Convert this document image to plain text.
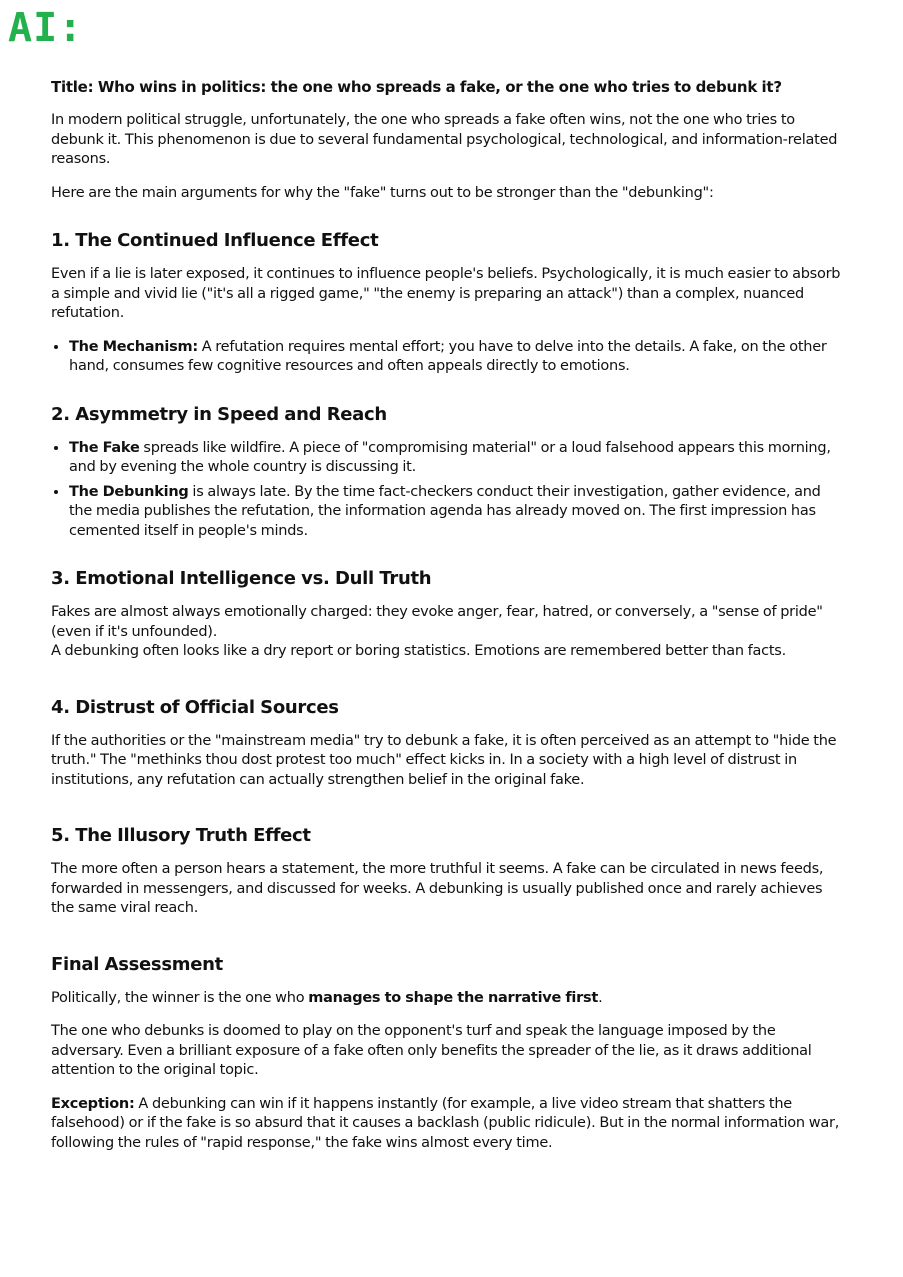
AI:

Title: Who wins in politics: the one who spreads a fake, or the one who tries to debunk it?

In modern political struggle, unfortunately, the one who spreads a fake often wins, not the one who tries to debunk it. This phenomenon is due to several fundamental psychological, technological, and information-related reasons.

Here are the main arguments for why the "fake" turns out to be stronger than the "debunking":

1. The Continued Influence Effect

Even if a lie is later exposed, it continues to influence people's beliefs. Psychologically, it is much easier to absorb a simple and vivid lie ("it's all a rigged game," "the enemy is preparing an attack") than a complex, nuanced refutation.

• The Mechanism: A refutation requires mental effort; you have to delve into the details. A fake, on the other hand, consumes few cognitive resources and often appeals directly to emotions.
2. Asymmetry in Speed and Reach
• The Fake spreads like wildfire. A piece of "compromising material" or a loud falsehood appears this morning, and by evening the whole country is discussing it.
• The Debunking is always late. By the time fact-checkers conduct their investigation, gather evidence, and the media publishes the refutation, the information agenda has already moved on. The first impression has cemented itself in people's minds.
3. Emotional Intelligence vs. Dull Truth

Fakes are almost always emotionally charged: they evoke anger, fear, hatred, or conversely, a "sense of pride" (even if it's unfounded).
A debunking often looks like a dry report or boring statistics. Emotions are remembered better than facts.

4. Distrust of Official Sources

If the authorities or the "mainstream media" try to debunk a fake, it is often perceived as an attempt to "hide the truth." The "methinks thou dost protest too much" effect kicks in. In a society with a high level of distrust in institutions, any refutation can actually strengthen belief in the original fake.

5. The Illusory Truth Effect

The more often a person hears a statement, the more truthful it seems. A fake can be circulated in news feeds, forwarded in messengers, and discussed for weeks. A debunking is usually published once and rarely achieves the same viral reach.

Final Assessment

Politically, the winner is the one who manages to shape the narrative first.

The one who debunks is doomed to play on the opponent's turf and speak the language imposed by the adversary. Even a brilliant exposure of a fake often only benefits the spreader of the lie, as it draws additional attention to the original topic.

Exception: A debunking can win if it happens instantly (for example, a live video stream that shatters the falsehood) or if the fake is so absurd that it causes a backlash (public ridicule). But in the normal information war, following the rules of "rapid response," the fake wins almost every time.
